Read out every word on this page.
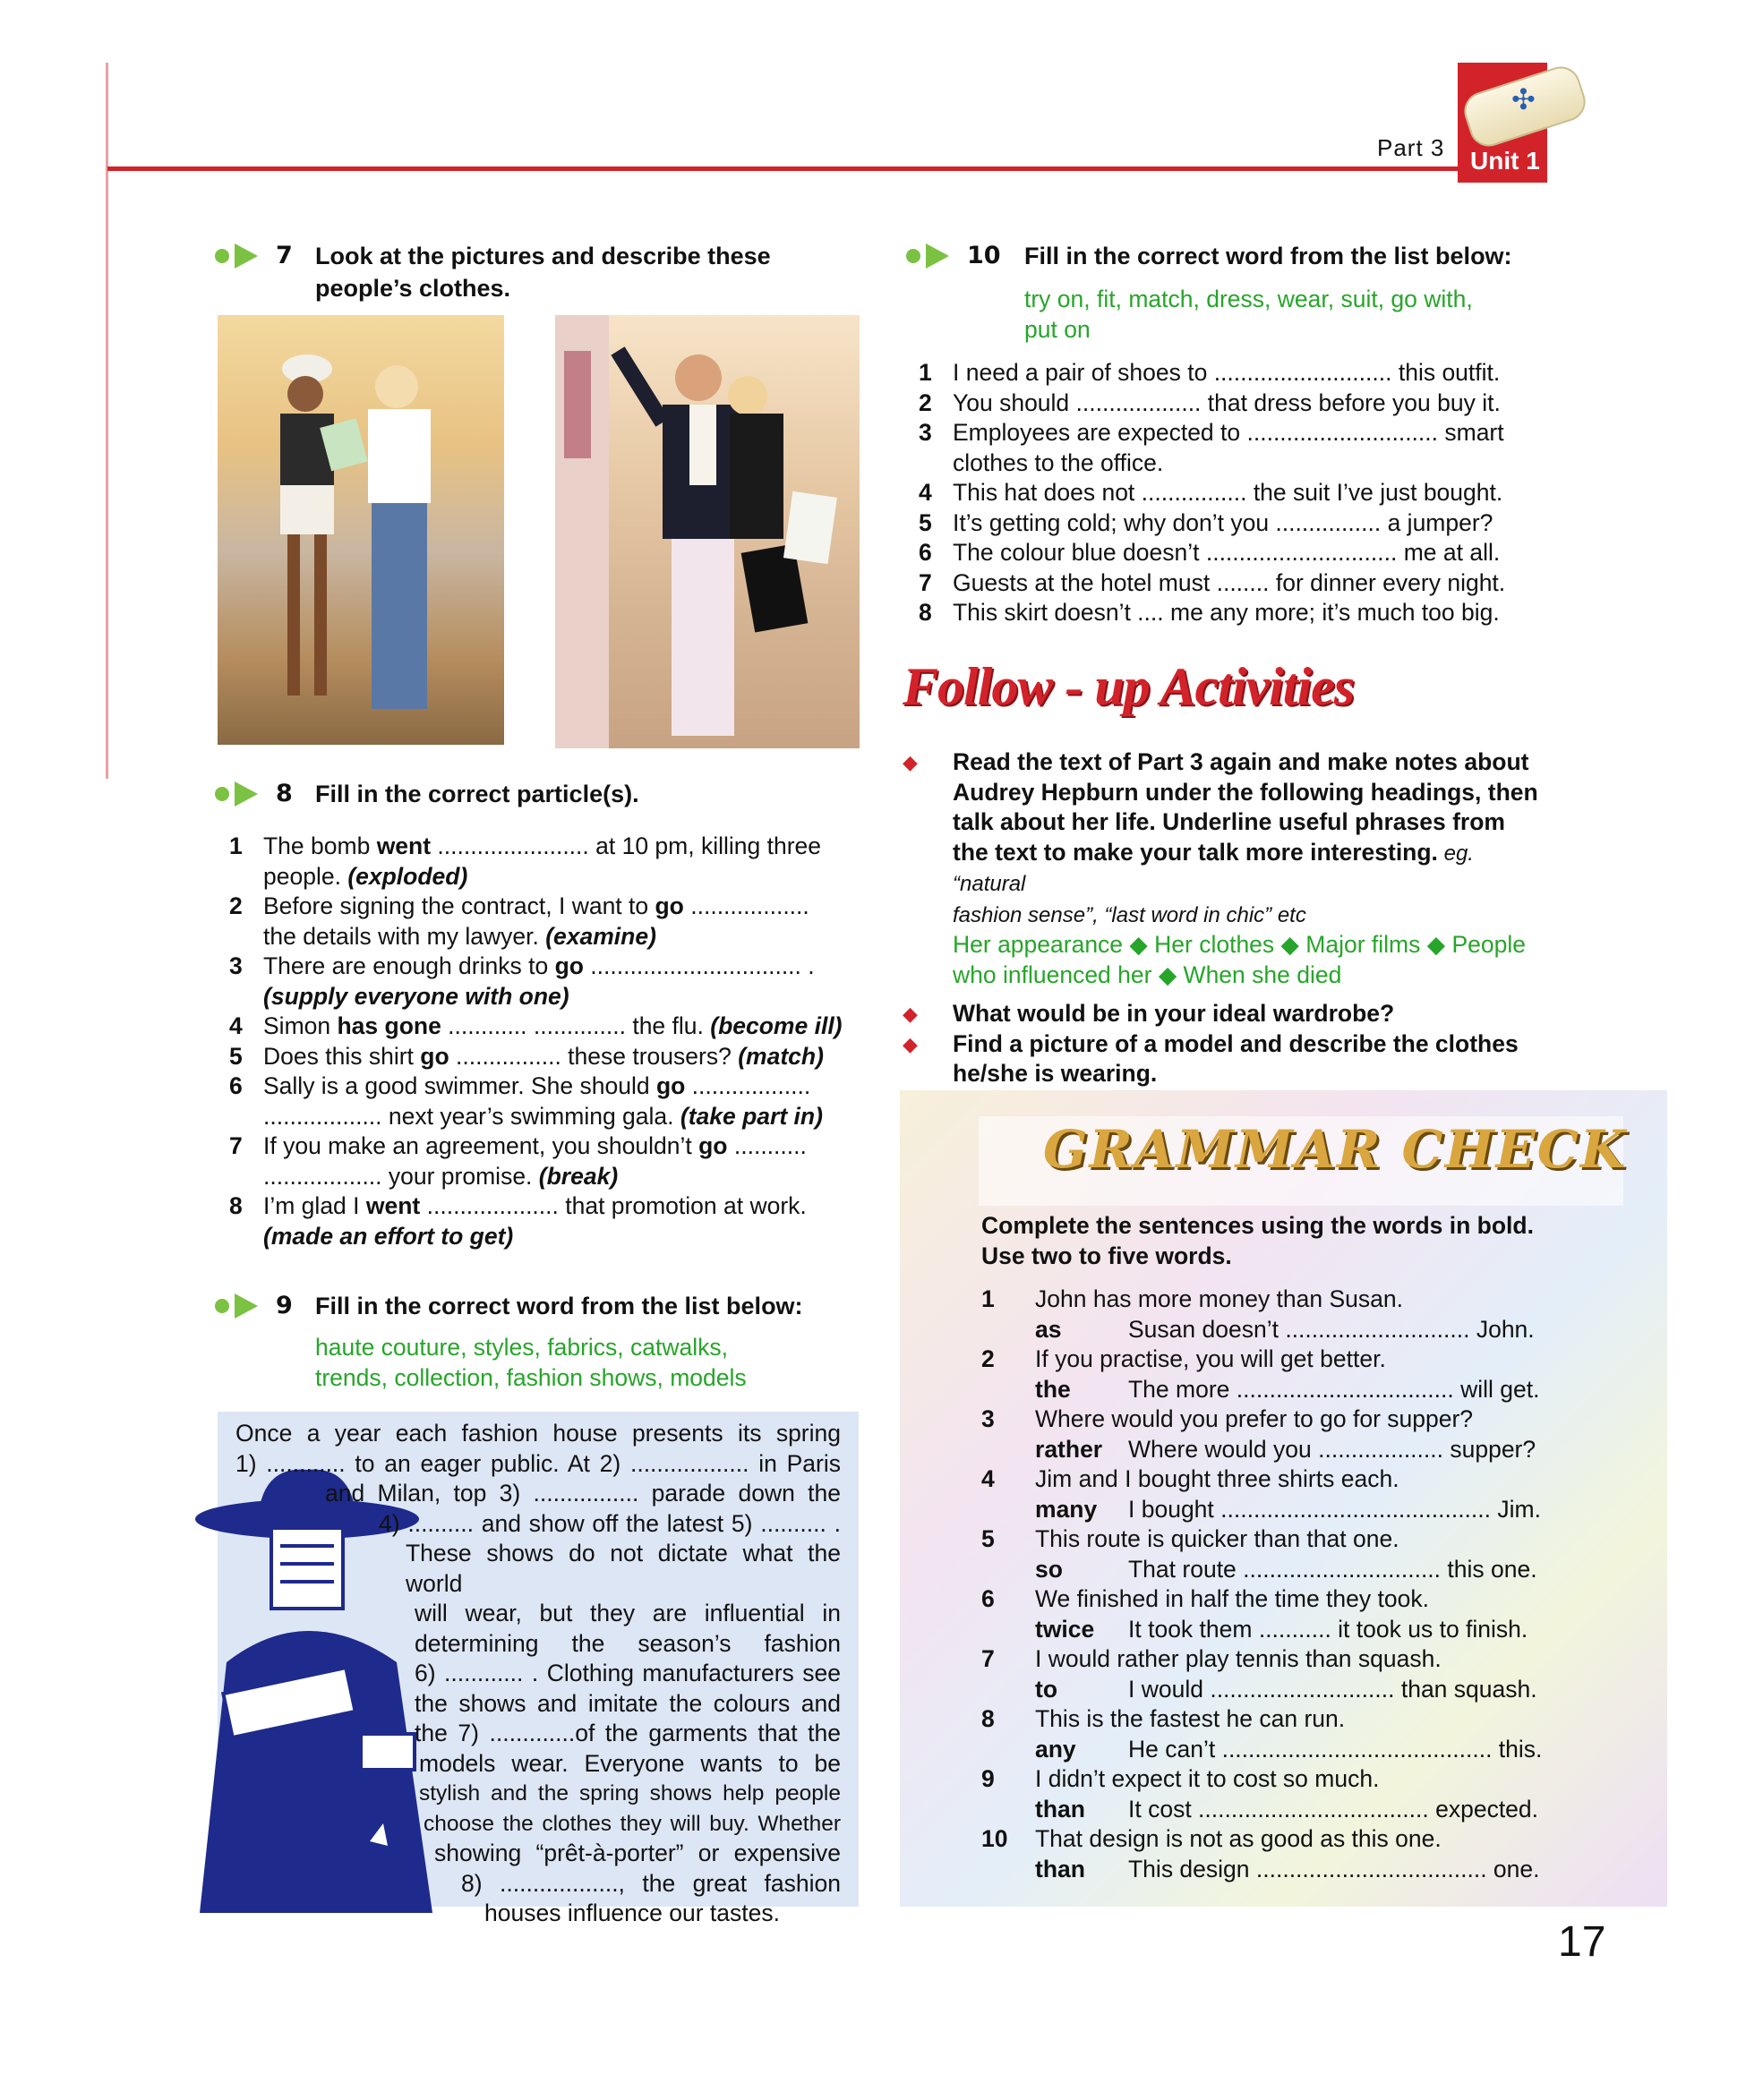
Part 3
✣
Unit 1
7 Look at the pictures and describe these
people’s clothes.
8 Fill in the correct particle(s).
1 The bomb went ....................... at 10 pm, killing three
people. (exploded)
2 Before signing the contract, I want to go ..................
the details with my lawyer. (examine)
3 There are enough drinks to go ................................ .
(supply everyone with one)
4 Simon has gone ............ .............. the flu. (become ill)
5 Does this shirt go ................ these trousers? (match)
6 Sally is a good swimmer. She should go ..................
.................. next year’s swimming gala. (take part in)
7 If you make an agreement, you shouldn’t go ...........
.................. your promise. (break)
8 I’m glad I went .................... that promotion at work.
(made an effort to get)
9 Fill in the correct word from the list below:
haute couture, styles, fabrics, catwalks,
trends, collection, fashion shows, models
Once a year each fashion house presents its spring
1) ............ to an eager public. At 2) .................. in Paris
and Milan, top 3) ................ parade down the
4) .......... and show off the latest 5) .......... .
These shows do not dictate what the world
will wear, but they are influential in
determining the season’s fashion
6) ............ . Clothing manufacturers see
the shows and imitate the colours and
the 7) .............of the garments that the
models wear. Everyone wants to be
stylish and the spring shows help people
choose the clothes they will buy. Whether
showing “prêt-à-porter” or expensive
8) .................., the great fashion
houses influence our tastes.
10 Fill in the correct word from the list below:
try on, fit, match, dress, wear, suit, go with,
put on
1 I need a pair of shoes to ........................... this outfit.
2 You should ................... that dress before you buy it.
3 Employees are expected to ............................. smart
clothes to the office.
4 This hat does not ................ the suit I’ve just bought.
5 It’s getting cold; why don’t you ................ a jumper?
6 The colour blue doesn’t ............................. me at all.
7 Guests at the hotel must ........ for dinner every night.
8 This skirt doesn’t .... me any more; it’s much too big.
Follow - up Activities
◆	Read the text of Part 3 again and make notes about
Audrey Hepburn under the following headings, then
talk about her life. Underline useful phrases from
the text to make your talk more interesting. eg. “natural
fashion sense”, “last word in chic” etc
Her appearance ◆ Her clothes ◆ Major films ◆ People
who influenced her ◆ When she died
◆	What would be in your ideal wardrobe?
◆	Find a picture of a model and describe the clothes
he/she is wearing.
GRAMMAR CHECK
Complete the sentences using the words in bold.
Use two to five words.
1	John has more money than Susan.
as	Susan doesn’t ............................ John.
2	If you practise, you will get better.
the	The more ................................. will get.
3	Where would you prefer to go for supper?
rather	Where would you ................... supper?
4	Jim and I bought three shirts each.
many	I bought ......................................... Jim.
5	This route is quicker than that one.
so	That route .............................. this one.
6	We finished in half the time they took.
twice	It took them ........... it took us to finish.
7	I would rather play tennis than squash.
to	I would ............................ than squash.
8	This is the fastest he can run.
any	He can’t ......................................... this.
9	I didn’t expect it to cost so much.
than	It cost ................................... expected.
10	That design is not as good as this one.
than	This design ................................... one.
17
